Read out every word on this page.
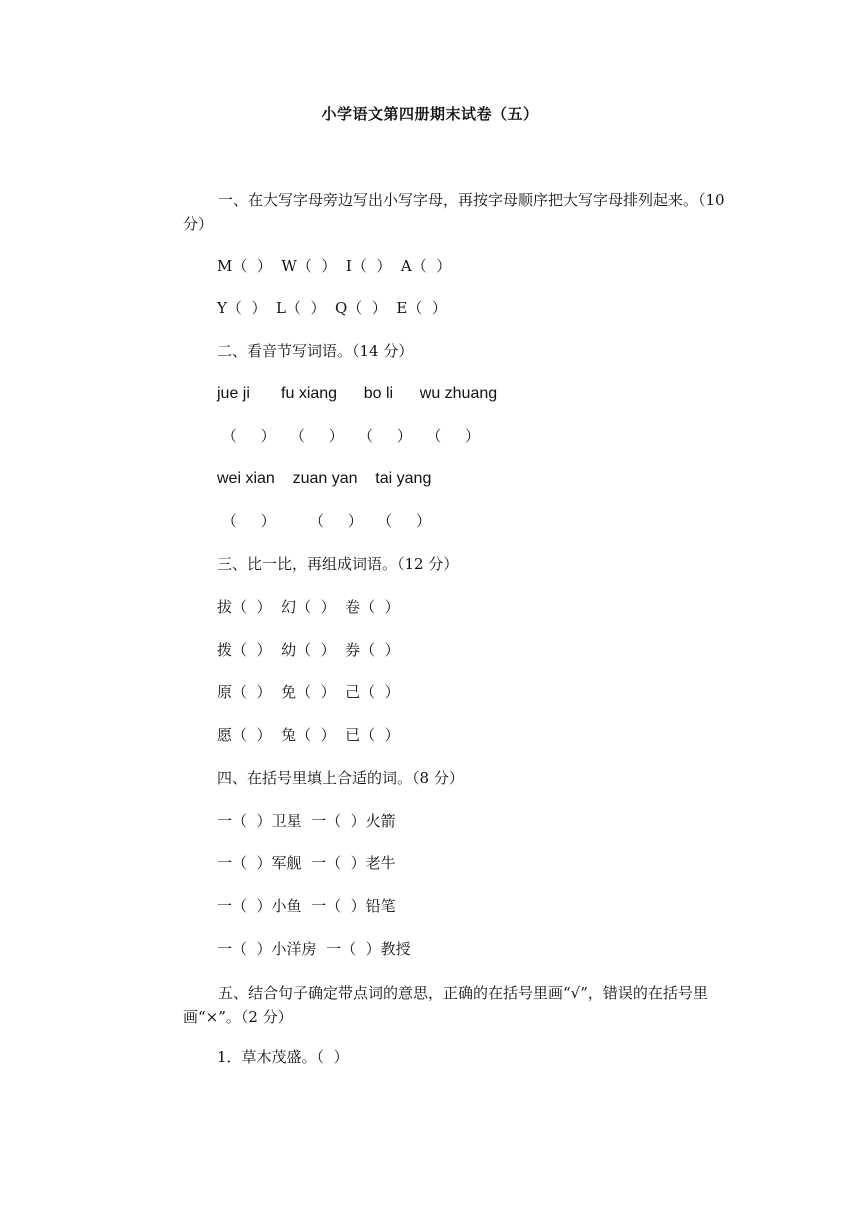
小学语文第四册期末试卷（五）
一、在大写字母旁边写出小写字母，再按字母顺序把大写字母排列起来。（10 分）
M（  ）  W（  ）  I（  ）  A（  ）
Y（  ）  L（  ）  Q（  ）  E（  ）
二、看音节写词语。（14 分）
jue ji       fu xiang      bo li      wu zhuang
（     ）   （     ）   （     ）   （     ）
wei xian    zuan yan    tai yang
（     ）       （     ）   （     ）
三、比一比，再组成词语。（12 分）
拔（  ）  幻（  ）  卷（  ）
拨（  ）  幼（  ）  券（  ）
原（  ）  免（  ）  己（  ）
愿（  ）  兔（  ）  已（  ）
四、在括号里填上合适的词。（8 分）
一（  ）卫星  一（  ）火箭
一（  ）军舰  一（  ）老牛
一（  ）小鱼  一（  ）铅笔
一（  ）小洋房  一（  ）教授
五、结合句子确定带点词的意思，正确的在括号里画“√”，错误的在括号里画“×”。（2 分）
1．草木茂盛。（  ）
